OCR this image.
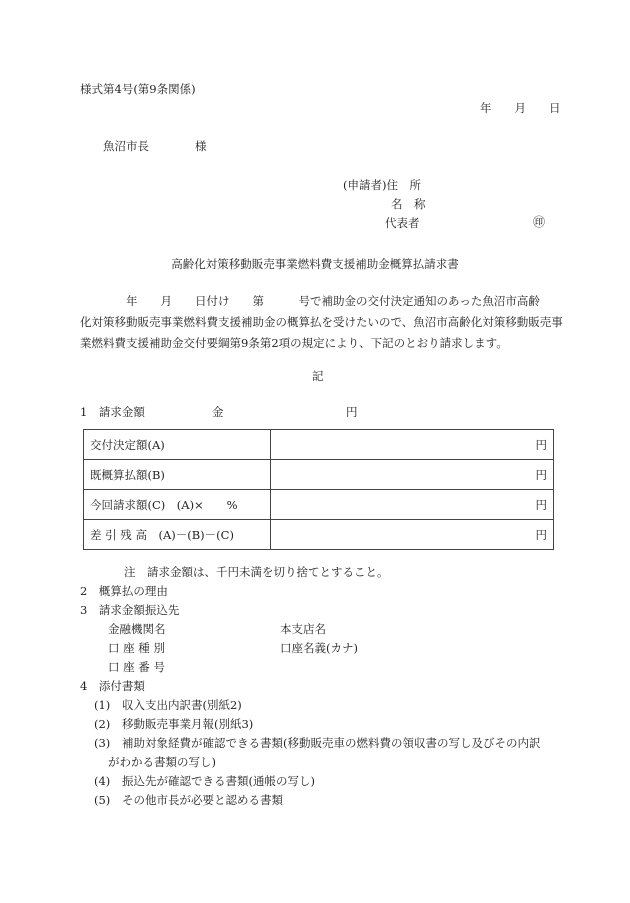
様式第4号(第9条関係)
年　　月　　日
魚沼市長　　　　様
(申請者)住　所
名　称
代表者	㊞
高齢化対策移動販売事業燃料費支援補助金概算払請求書
　　　　年　　月　　日付け　　第　　　号で補助金の交付決定通知のあった魚沼市高齢
化対策移動販売事業燃料費支援補助金の概算払を受けたいので、魚沼市高齢化対策移動販売事
業燃料費支援補助金交付要綱第9条第2項の規定により、下記のとおり請求します。
記
1　請求金額	金	円
交付決定額(A)	円
既概算払額(B)	円
今回請求額(C)　(A)×　　%	円
差 引 残 高　(A)－(B)－(C)	円
注　請求金額は、千円未満を切り捨てとすること。
2　概算払の理由
3　請求金額振込先
金融機関名	本支店名
口 座 種 別	口座名義(カナ)
口 座 番 号
4　添付書類
(1) 収入支出内訳書(別紙2)
(2) 移動販売事業月報(別紙3)
(3) 補助対象経費が確認できる書類(移動販売車の燃料費の領収書の写し及びその内訳
がわかる書類の写し)
(4) 振込先が確認できる書類(通帳の写し)
(5) その他市長が必要と認める書類
